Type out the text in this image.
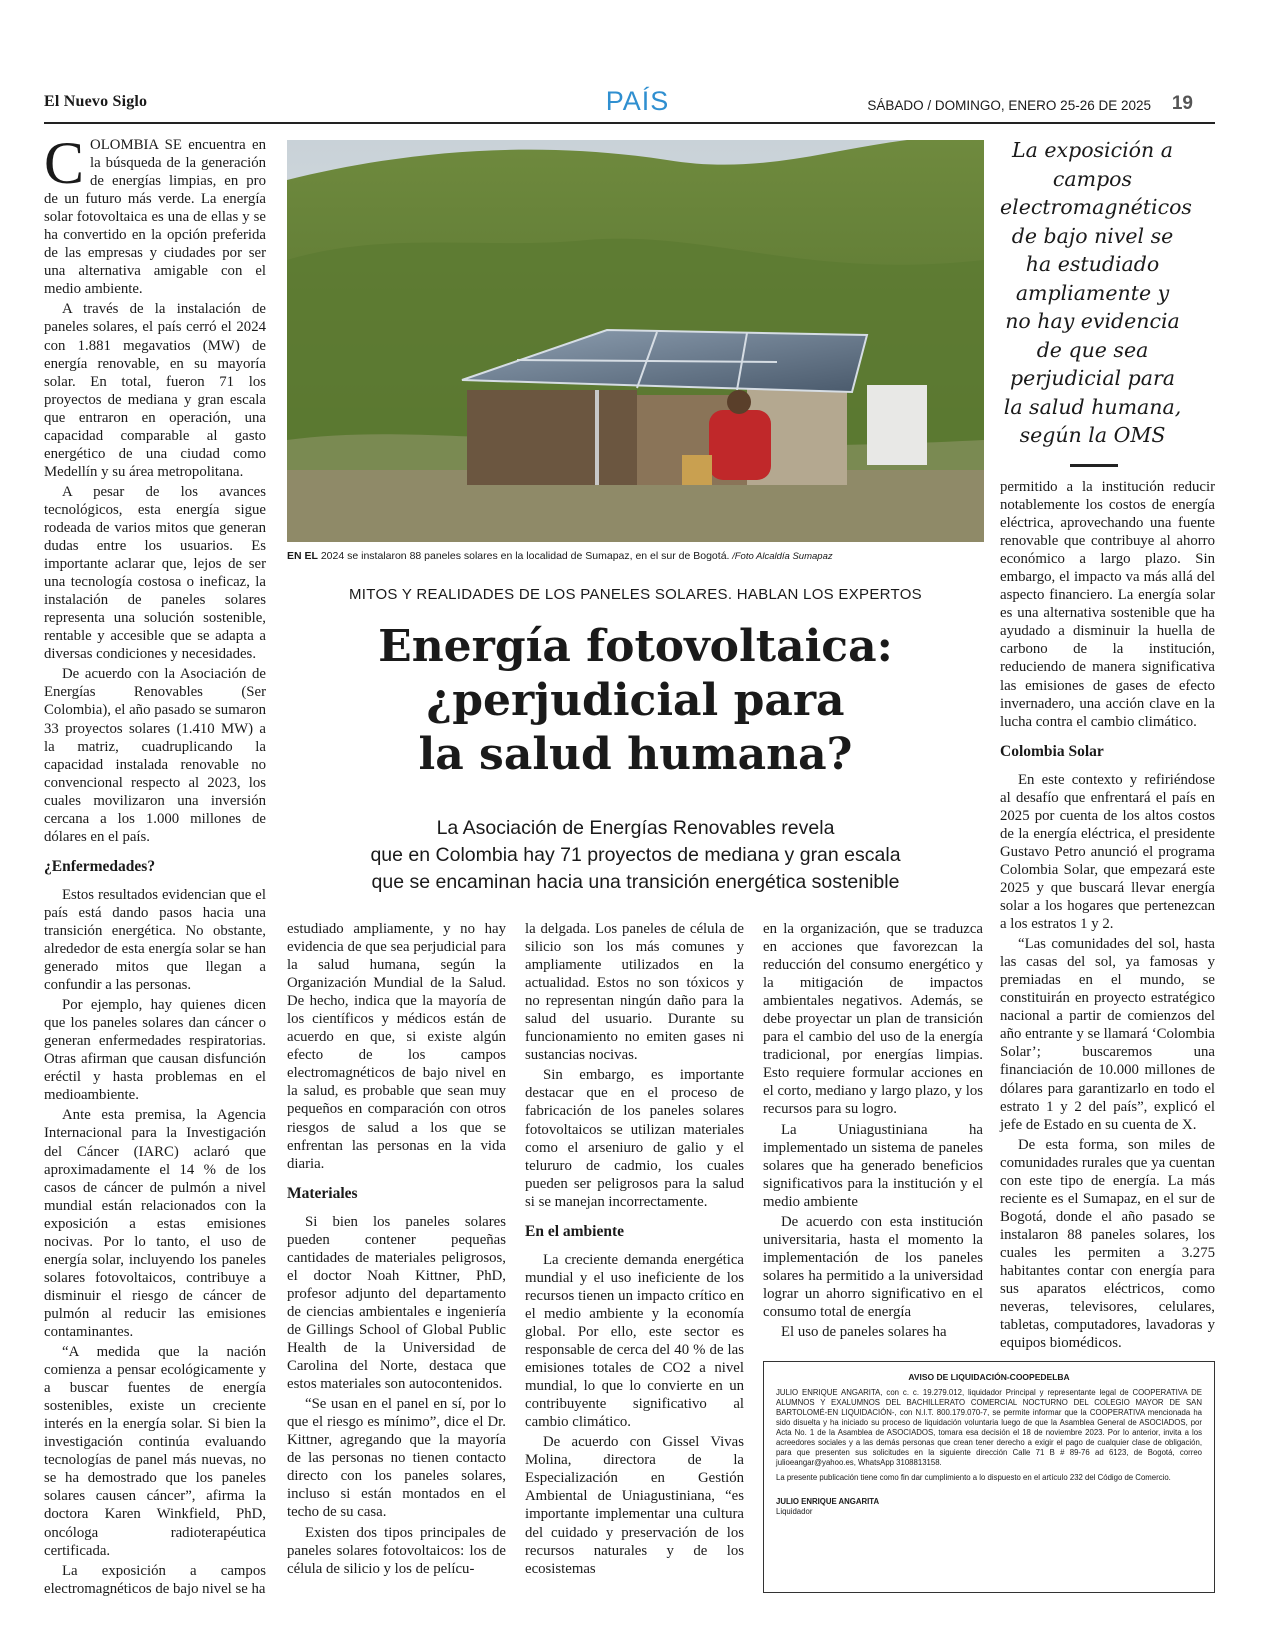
El Nuevo Siglo	PAÍS	SÁBADO / DOMINGO, ENERO 25-26 DE 2025 19

COLOMBIA SE encuentra en la búsqueda de la generación de energías limpias, en pro de un futuro más verde. La energía solar fotovoltaica es una de ellas y se ha convertido en la opción preferida de las empresas y ciudades por ser una alternativa amigable con el medio ambiente.

A través de la instalación de paneles solares, el país cerró el 2024 con 1.881 megavatios (MW) de energía renovable, en su mayoría solar. En total, fueron 71 los proyectos de mediana y gran escala que entraron en operación, una capacidad comparable al gasto energético de una ciudad como Medellín y su área metropolitana.

A pesar de los avances tecnológicos, esta energía sigue rodeada de varios mitos que generan dudas entre los usuarios. Es importante aclarar que, lejos de ser una tecnología costosa o ineficaz, la instalación de paneles solares representa una solución sostenible, rentable y accesible que se adapta a diversas condiciones y necesidades.

De acuerdo con la Asociación de Energías Renovables (Ser Colombia), el año pasado se sumaron 33 proyectos solares (1.410 MW) a la matriz, cuadruplicando la capacidad instalada renovable no convencional respecto al 2023, los cuales movilizaron una inversión cercana a los 1.000 millones de dólares en el país.

¿Enfermedades?

Estos resultados evidencian que el país está dando pasos hacia una transición energética. No obstante, alrededor de esta energía solar se han generado mitos que llegan a confundir a las personas.

Por ejemplo, hay quienes dicen que los paneles solares dan cáncer o generan enfermedades respiratorias. Otras afirman que causan disfunción eréctil y hasta problemas en el medioambiente.

Ante esta premisa, la Agencia Internacional para la Investigación del Cáncer (IARC) aclaró que aproximadamente el 14 % de los casos de cáncer de pulmón a nivel mundial están relacionados con la exposición a estas emisiones nocivas. Por lo tanto, el uso de energía solar, incluyendo los paneles solares fotovoltaicos, contribuye a disminuir el riesgo de cáncer de pulmón al reducir las emisiones contaminantes.

“A medida que la nación comienza a pensar ecológicamente y a buscar fuentes de energía sostenibles, existe un creciente interés en la energía solar. Si bien la investigación continúa evaluando tecnologías de panel más nuevas, no se ha demostrado que los paneles solares causen cáncer”, afirma la doctora Karen Winkfield, PhD, oncóloga radioterapéutica certificada.

La exposición a campos electromagnéticos de bajo nivel se ha

EN EL 2024 se instalaron 88 paneles solares en la localidad de Sumapaz, en el sur de Bogotá. /Foto Alcaldía Sumapaz
MITOS Y REALIDADES DE LOS PANELES SOLARES. HABLAN LOS EXPERTOS
Energía fotovoltaica:
¿perjudicial para
la salud humana?
La Asociación de Energías Renovables revela
que en Colombia hay 71 proyectos de mediana y gran escala
que se encaminan hacia una transición energética sostenible

estudiado ampliamente, y no hay evidencia de que sea perjudicial para la salud humana, según la Organización Mundial de la Salud. De hecho, indica que la mayoría de los científicos y médicos están de acuerdo en que, si existe algún efecto de los campos electromagnéticos de bajo nivel en la salud, es probable que sean muy pequeños en comparación con otros riesgos de salud a los que se enfrentan las personas en la vida diaria.

Materiales

Si bien los paneles solares pueden contener pequeñas cantidades de materiales peligrosos, el doctor Noah Kittner, PhD, profesor adjunto del departamento de ciencias ambientales e ingeniería de Gillings School of Global Public Health de la Universidad de Carolina del Norte, destaca que estos materiales son autocontenidos.

“Se usan en el panel en sí, por lo que el riesgo es mínimo”, dice el Dr. Kittner, agregando que la mayoría de las personas no tienen contacto directo con los paneles solares, incluso si están montados en el techo de su casa.

Existen dos tipos principales de paneles solares fotovoltaicos: los de célula de silicio y los de pelícu-

la delgada. Los paneles de célula de silicio son los más comunes y ampliamente utilizados en la actualidad. Estos no son tóxicos y no representan ningún daño para la salud del usuario. Durante su funcionamiento no emiten gases ni sustancias nocivas.

Sin embargo, es importante destacar que en el proceso de fabricación de los paneles solares fotovoltaicos se utilizan materiales como el arseniuro de galio y el telururo de cadmio, los cuales pueden ser peligrosos para la salud si se manejan incorrectamente.

En el ambiente

La creciente demanda energética mundial y el uso ineficiente de los recursos tienen un impacto crítico en el medio ambiente y la economía global. Por ello, este sector es responsable de cerca del 40 % de las emisiones totales de CO2 a nivel mundial, lo que lo convierte en un contribuyente significativo al cambio climático.

De acuerdo con Gissel Vivas Molina, directora de la Especialización en Gestión Ambiental de Uniagustiniana, “es importante implementar una cultura del cuidado y preservación de los recursos naturales y de los ecosistemas

en la organización, que se traduzca en acciones que favorezcan la reducción del consumo energético y la mitigación de impactos ambientales negativos. Además, se debe proyectar un plan de transición para el cambio del uso de la energía tradicional, por energías limpias. Esto requiere formular acciones en el corto, mediano y largo plazo, y los recursos para su logro.

La Uniagustiniana ha implementado un sistema de paneles solares que ha generado beneficios significativos para la institución y el medio ambiente

De acuerdo con esta institución universitaria, hasta el momento la implementación de los paneles solares ha permitido a la universidad lograr un ahorro significativo en el consumo total de energía

El uso de paneles solares ha

La exposición a campos electromagnéticos de bajo nivel se ha estudiado ampliamente y no hay evidencia de que sea perjudicial para la salud humana, según la OMS

permitido a la institución reducir notablemente los costos de energía eléctrica, aprovechando una fuente renovable que contribuye al ahorro económico a largo plazo. Sin embargo, el impacto va más allá del aspecto financiero. La energía solar es una alternativa sostenible que ha ayudado a disminuir la huella de carbono de la institución, reduciendo de manera significativa las emisiones de gases de efecto invernadero, una acción clave en la lucha contra el cambio climático.

Colombia Solar

En este contexto y refiriéndose al desafío que enfrentará el país en 2025 por cuenta de los altos costos de la energía eléctrica, el presidente Gustavo Petro anunció el programa Colombia Solar, que empezará este 2025 y que buscará llevar energía solar a los hogares que pertenezcan a los estratos 1 y 2.

“Las comunidades del sol, hasta las casas del sol, ya famosas y premiadas en el mundo, se constituirán en proyecto estratégico nacional a partir de comienzos del año entrante y se llamará ‘Colombia Solar’; buscaremos una financiación de 10.000 millones de dólares para garantizarlo en todo el estrato 1 y 2 del país”, explicó el jefe de Estado en su cuenta de X.

De esta forma, son miles de comunidades rurales que ya cuentan con este tipo de energía. La más reciente es el Sumapaz, en el sur de Bogotá, donde el año pasado se instalaron 88 paneles solares, los cuales les permiten a 3.275 habitantes contar con energía para sus aparatos eléctricos, como neveras, televisores, celulares, tabletas, computadores, lavadoras y equipos biomédicos.

AVISO DE LIQUIDACIÓN-COOPEDELBA

JULIO ENRIQUE ANGARITA, con c. c. 19.279.012, liquidador Principal y representante legal de COOPERATIVA DE ALUMNOS Y EXALUMNOS DEL BACHILLERATO COMERCIAL NOCTURNO DEL COLEGIO MAYOR DE SAN BARTOLOMÉ-EN LIQUIDACIÓN-, con N.I.T. 800.179.070-7, se permite informar que la COOPERATIVA mencionada ha sido disuelta y ha iniciado su proceso de liquidación voluntaria luego de que la Asamblea General de ASOCIADOS, por Acta No. 1 de la Asamblea de ASOCIADOS, tomara esa decisión el 18 de noviembre 2023. Por lo anterior, invita a los acreedores sociales y a las demás personas que crean tener derecho a exigir el pago de cualquier clase de obligación, para que presenten sus solicitudes en la siguiente dirección Calle 71 B # 89-76 ad 6123, de Bogotá, correo julioeangar@yahoo.es, WhatsApp 3108813158.

La presente publicación tiene como fin dar cumplimiento a lo dispuesto en el artículo 232 del Código de Comercio.

JULIO ENRIQUE ANGARITA
Liquidador
